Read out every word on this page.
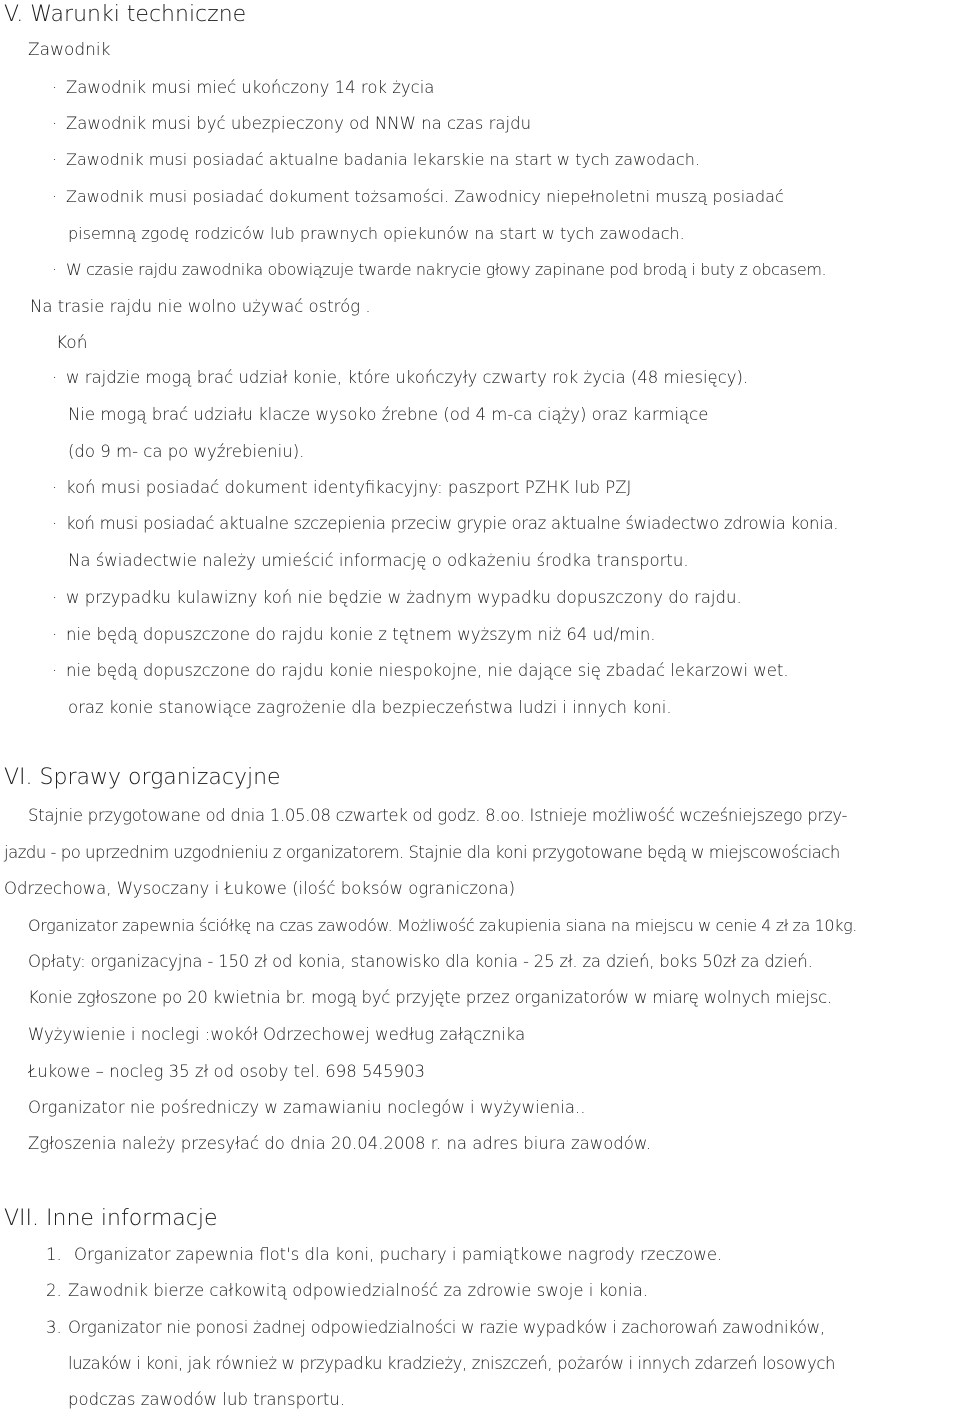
V. Warunki techniczne
Zawodnik
· Zawodnik musi mieć ukończony 14 rok życia
· Zawodnik musi być ubezpieczony od NNW na czas rajdu
· Zawodnik musi posiadać aktualne badania lekarskie na start w tych zawodach.
· Zawodnik musi posiadać dokument tożsamości. Zawodnicy niepełnoletni muszą posiadać
pisemną zgodę rodziców lub prawnych opiekunów na start w tych zawodach.
· W czasie rajdu zawodnika obowiązuje twarde nakrycie głowy zapinane pod brodą i buty z obcasem.
Na trasie rajdu nie wolno używać ostróg .
Koń
· w rajdzie mogą brać udział konie, które ukończyły czwarty rok życia (48 miesięcy).
Nie mogą brać udziału klacze wysoko źrebne (od 4 m-ca ciąży) oraz karmiące
(do 9 m- ca po wyźrebieniu).
· koń musi posiadać dokument identyfikacyjny: paszport PZHK lub PZJ
· koń musi posiadać aktualne szczepienia przeciw grypie oraz aktualne świadectwo zdrowia konia.
Na świadectwie należy umieścić informację o odkażeniu środka transportu.
· w przypadku kulawizny koń nie będzie w żadnym wypadku dopuszczony do rajdu.
· nie będą dopuszczone do rajdu konie z tętnem wyższym niż 64 ud/min.
· nie będą dopuszczone do rajdu konie niespokojne, nie dające się zbadać lekarzowi wet.
oraz konie stanowiące zagrożenie dla bezpieczeństwa ludzi i innych koni.
VI. Sprawy organizacyjne
Stajnie przygotowane od dnia 1.05.08 czwartek od godz. 8.oo. Istnieje możliwość wcześniejszego przy-
jazdu - po uprzednim uzgodnieniu z organizatorem. Stajnie dla koni przygotowane będą w miejscowościach
Odrzechowa, Wysoczany i Łukowe (ilość boksów ograniczona)
Organizator zapewnia ściółkę na czas zawodów. Możliwość zakupienia siana na miejscu w cenie 4 zł za 10kg.
Opłaty: organizacyjna - 150 zł od konia, stanowisko dla konia - 25 zł. za dzień, boks 50zł za dzień.
Konie zgłoszone po 20 kwietnia br. mogą być przyjęte przez organizatorów w miarę wolnych miejsc.
Wyżywienie i noclegi :wokół Odrzechowej według załącznika
Łukowe – nocleg 35 zł od osoby tel. 698 545903
Organizator nie pośredniczy w zamawianiu noclegów i wyżywienia..
Zgłoszenia należy przesyłać do dnia 20.04.2008 r. na adres biura zawodów.
VII. Inne informacje
1. Organizator zapewnia flot's dla koni, puchary i pamiątkowe nagrody rzeczowe.
2. Zawodnik bierze całkowitą odpowiedzialność za zdrowie swoje i konia.
3. Organizator nie ponosi żadnej odpowiedzialności w razie wypadków i zachorowań zawodników,
luzaków i koni, jak również w przypadku kradzieży, zniszczeń, pożarów i innych zdarzeń losowych
podczas zawodów lub transportu.
